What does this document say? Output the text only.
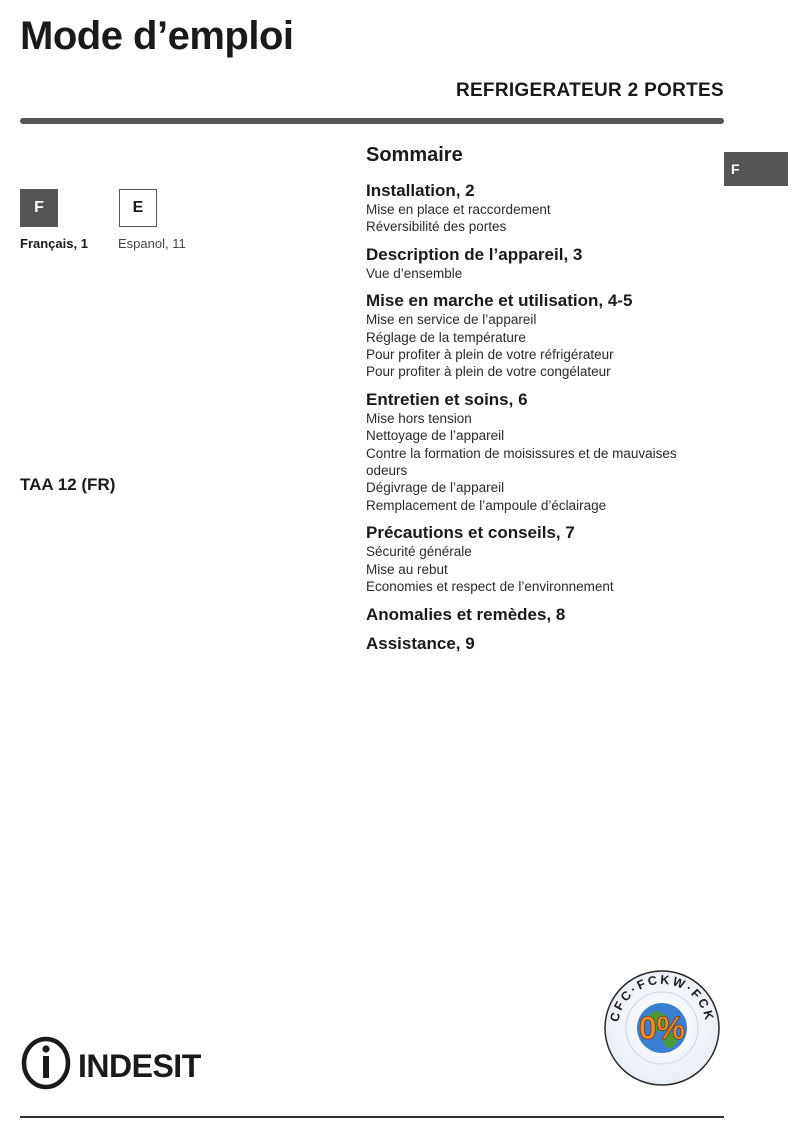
Mode d’emploi
REFRIGERATEUR 2 PORTES
F
F	E
Français, 1 Espanol, 11
TAA 12 (FR)
Sommaire
Installation, 2
Mise en place et raccordement
Réversibilité des portes
Description de l’appareil, 3
Vue d’ensemble
Mise en marche et utilisation, 4-5
Mise en service de l’appareil
Réglage de la température
Pour profiter à plein de votre réfrigérateur
Pour profiter à plein de votre congélateur
Entretien et soins, 6
Mise hors tension
Nettoyage de l’appareil
Contre la formation de moisissures et de mauvaises
odeurs
Dégivrage de l’appareil
Remplacement de l’ampoule d’éclairage
Précautions et conseils, 7
Sécurité générale
Mise au rebut
Economies et respect de l’environnement
Anomalies et remèdes, 8
Assistance, 9
INDESIT
CFC·FCKW·FCK
0%
